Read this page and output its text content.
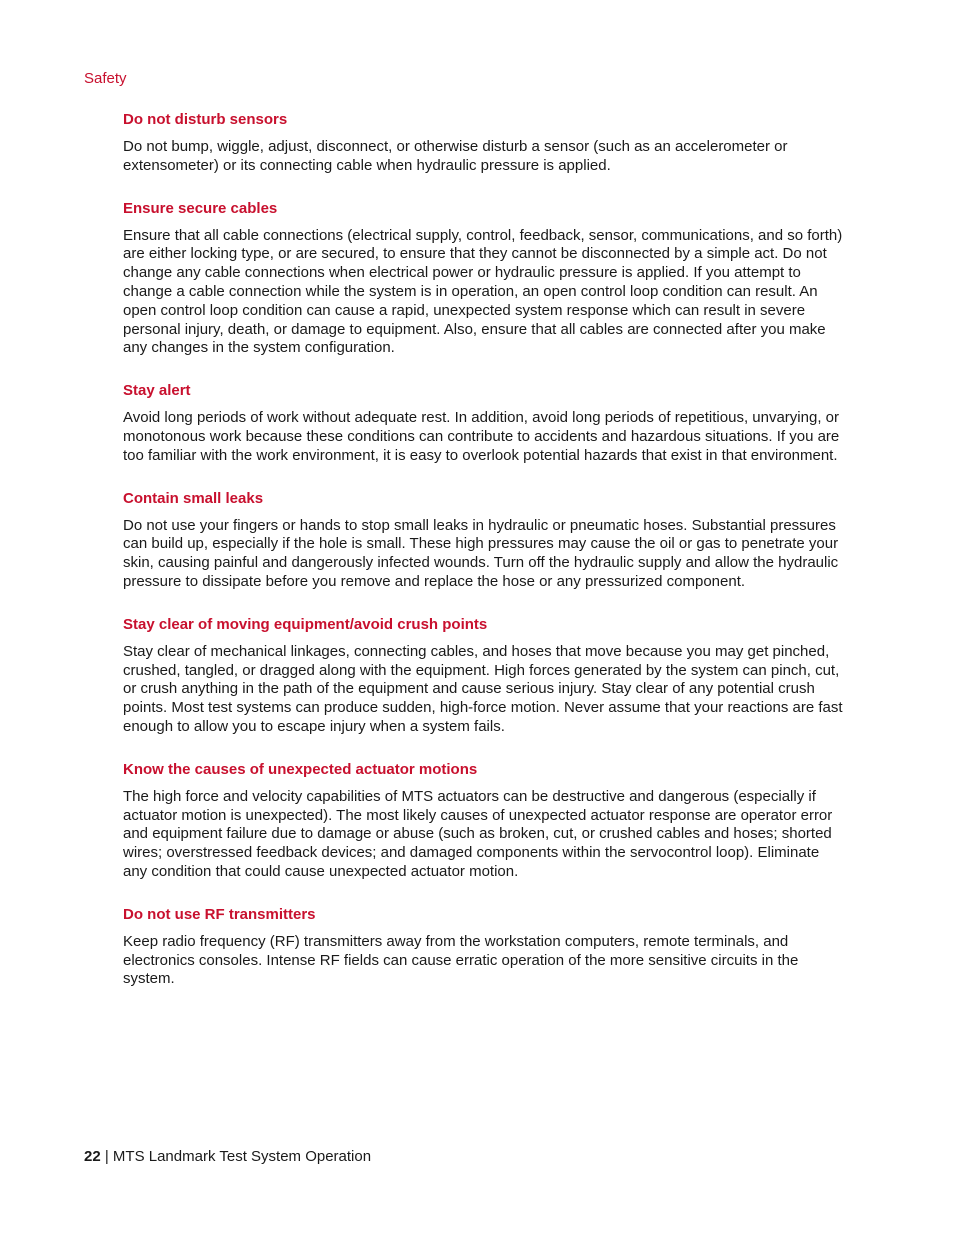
Safety
Do not disturb sensors

Do not bump, wiggle, adjust, disconnect, or otherwise disturb a sensor (such as an accelerometer or extensometer) or its connecting cable when hydraulic pressure is applied.

Ensure secure cables

Ensure that all cable connections (electrical supply, control, feedback, sensor, communications, and so forth) are either locking type, or are secured, to ensure that they cannot be disconnected by a simple act. Do not change any cable connections when electrical power or hydraulic pressure is applied. If you attempt to change a cable connection while the system is in operation, an open control loop condition can result. An open control loop condition can cause a rapid, unexpected system response which can result in severe personal injury, death, or damage to equipment. Also, ensure that all cables are connected after you make any changes in the system configuration.

Stay alert

Avoid long periods of work without adequate rest. In addition, avoid long periods of repetitious, unvarying, or monotonous work because these conditions can contribute to accidents and hazardous situations. If you are too familiar with the work environment, it is easy to overlook potential hazards that exist in that environment.

Contain small leaks

Do not use your fingers or hands to stop small leaks in hydraulic or pneumatic hoses. Substantial pressures can build up, especially if the hole is small. These high pressures may cause the oil or gas to penetrate your skin, causing painful and dangerously infected wounds. Turn off the hydraulic supply and allow the hydraulic pressure to dissipate before you remove and replace the hose or any pressurized component.

Stay clear of moving equipment/avoid crush points

Stay clear of mechanical linkages, connecting cables, and hoses that move because you may get pinched, crushed, tangled, or dragged along with the equipment. High forces generated by the system can pinch, cut, or crush anything in the path of the equipment and cause serious injury. Stay clear of any potential crush points. Most test systems can produce sudden, high-force motion. Never assume that your reactions are fast enough to allow you to escape injury when a system fails.

Know the causes of unexpected actuator motions

The high force and velocity capabilities of MTS actuators can be destructive and dangerous (especially if actuator motion is unexpected). The most likely causes of unexpected actuator response are operator error and equipment failure due to damage or abuse (such as broken, cut, or crushed cables and hoses; shorted wires; overstressed feedback devices; and damaged components within the servocontrol loop). Eliminate any condition that could cause unexpected actuator motion.

Do not use RF transmitters

Keep radio frequency (RF) transmitters away from the workstation computers, remote terminals, and electronics consoles. Intense RF fields can cause erratic operation of the more sensitive circuits in the system.

22 | MTS Landmark Test System Operation
